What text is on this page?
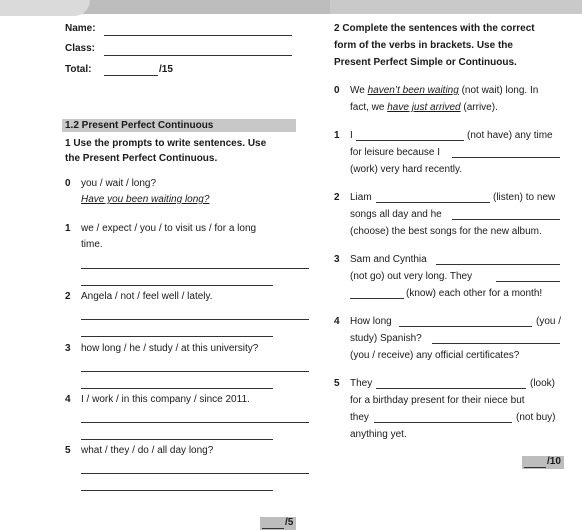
Name:
Class:
Total:	/15
1.2 Present Perfect Continuous
1 Use the prompts to write sentences. Use
the Present Perfect Continuous.
0 you / wait / long?
Have you been waiting long?
1 we / expect / you / to visit us / for a long
time.
2 Angela / not / feel well / lately.
3 how long / he / study / at this university?
4 I / work / in this company / since 2011.
5 what / they / do / all day long?
/5
2 Complete the sentences with the correct
form of the verbs in brackets. Use the
Present Perfect Simple or Continuous.
0 We haven’t been waiting (not wait) long. In
fact, we have just arrived (arrive).
1 I	(not have) any time
for leisure because I
(work) very hard recently.
2 Liam	(listen) to new
songs all day and he
(choose) the best songs for the new album.
3 Sam and Cynthia
(not go) out very long. They
(know) each other for a month!
4 How long	(you /
study) Spanish?
(you / receive) any official certificates?
5 They	(look)
for a birthday present for their niece but
they	(not buy)
anything yet.
/10
